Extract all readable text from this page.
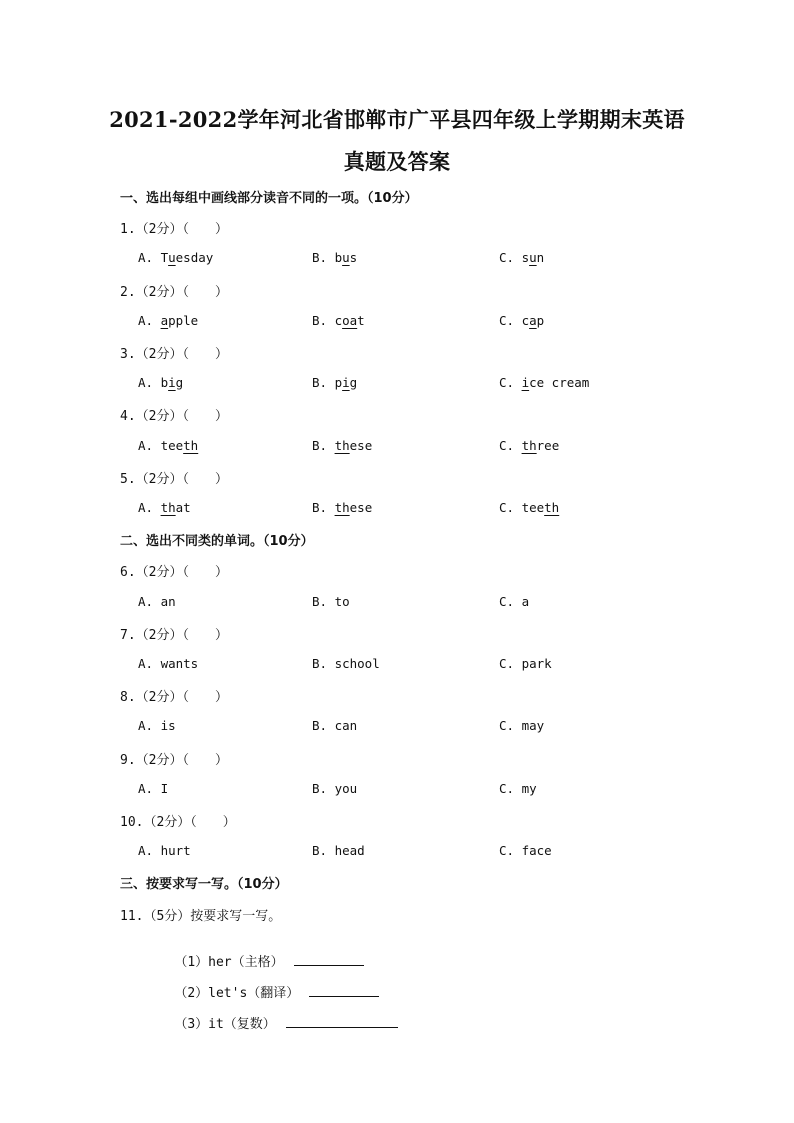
2021-2022学年河北省邯郸市广平县四年级上学期期末英语
真题及答案
一、选出每组中画线部分读音不同的一项。（10分）
1.（2分）（　　）
A. Tuesday	B. bus	C. sun
2.（2分）（　　）
A. apple	B. coat	C. cap
3.（2分）（　　）
A. big	B. pig	C. ice cream
4.（2分）（　　）
A. teeth	B. these	C. three
5.（2分）（　　）
A. that	B. these	C. teeth
二、选出不同类的单词。（10分）
6.（2分）（　　）
A. an	B. to	C. a
7.（2分）（　　）
A. wants	B. school	C. park
8.（2分）（　　）
A. is	B. can	C. may
9.（2分）（　　）
A. I	B. you	C. my
10.（2分）（　　）
A. hurt	B. head	C. face
三、按要求写一写。（10分）
11.（5分）按要求写一写。

（1）her（主格）

（2）let's（翻译）

（3）it（复数）
